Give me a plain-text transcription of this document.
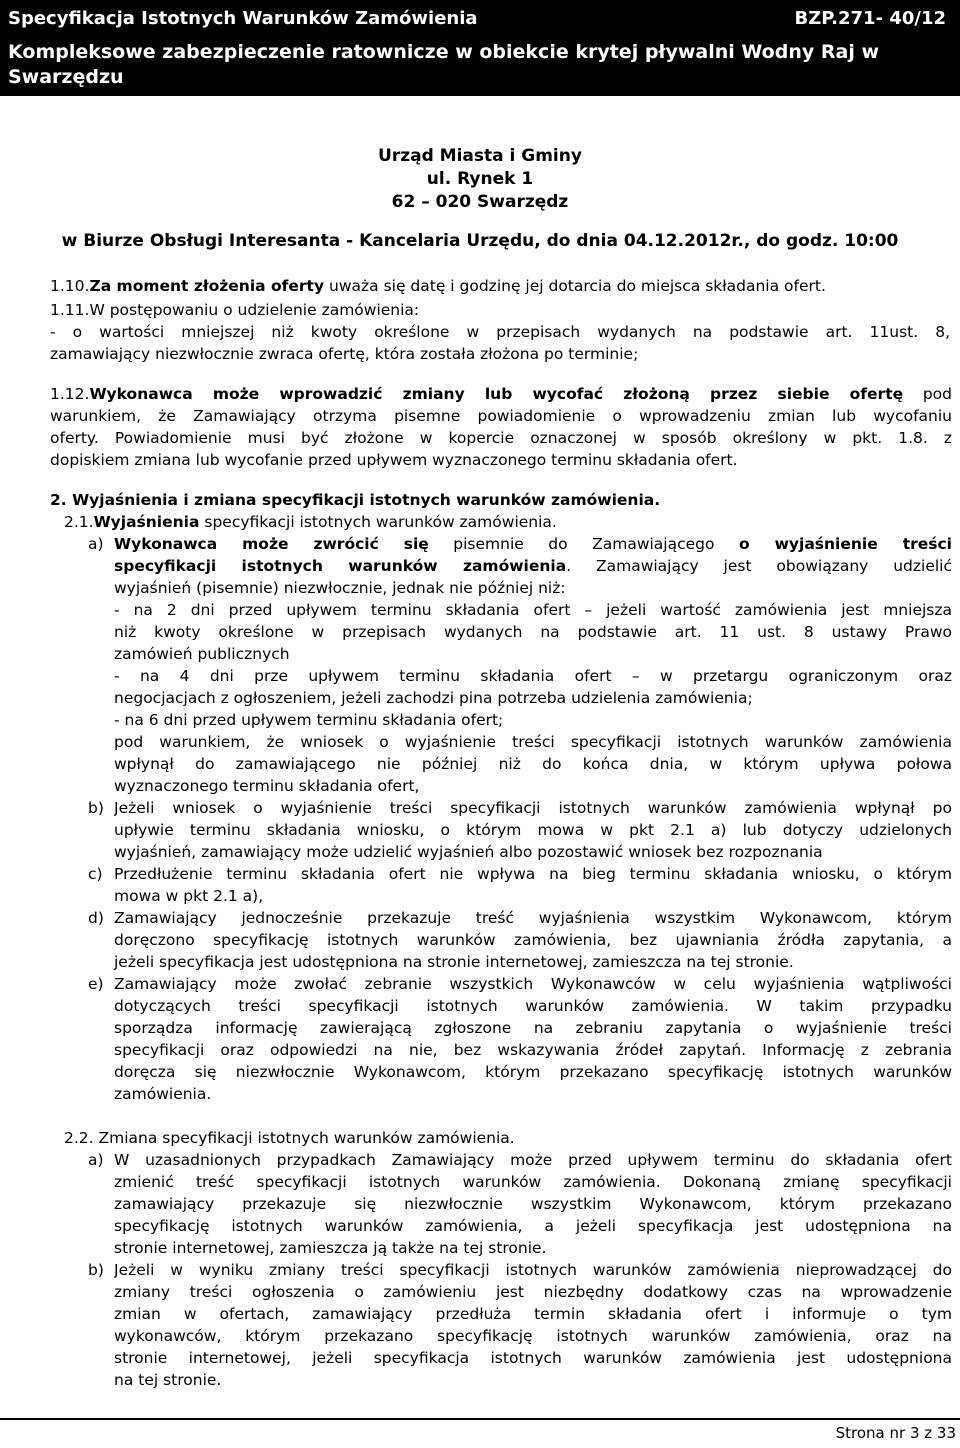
Specyfikacja Istotnych Warunków Zamówienia	BZP.271- 40/12
Kompleksowe zabezpieczenie ratownicze w obiekcie krytej pływalni Wodny Raj w Swarzędzu
Urząd Miasta i Gminy
ul. Rynek 1
62 – 020 Swarzędz
w Biurze Obsługi Interesanta - Kancelaria Urzędu, do dnia 04.12.2012r., do godz. 10:00
1.10.Za moment złożenia oferty uważa się datę i godzinę jej dotarcia do miejsca składania ofert.
1.11.W postępowaniu o udzielenie zamówienia:
- o wartości mniejszej niż kwoty określone w przepisach wydanych na podstawie art. 11ust. 8,
zamawiający niezwłocznie zwraca ofertę, która została złożona po terminie;
1.12.Wykonawca może wprowadzić zmiany lub wycofać złożoną przez siebie ofertę pod
warunkiem, że Zamawiający otrzyma pisemne powiadomienie o wprowadzeniu zmian lub wycofaniu
oferty. Powiadomienie musi być złożone w kopercie oznaczonej w sposób określony w pkt. 1.8. z
dopiskiem zmiana lub wycofanie przed upływem wyznaczonego terminu składania ofert.
2. Wyjaśnienia i zmiana specyfikacji istotnych warunków zamówienia.
2.1.Wyjaśnienia specyfikacji istotnych warunków zamówienia.
a) Wykonawca może zwrócić się pisemnie do Zamawiającego o wyjaśnienie treści
specyfikacji istotnych warunków zamówienia. Zamawiający jest obowiązany udzielić
wyjaśnień (pisemnie) niezwłocznie, jednak nie później niż:
- na 2 dni przed upływem terminu składania ofert – jeżeli wartość zamówienia jest mniejsza
niż kwoty określone w przepisach wydanych na podstawie art. 11 ust. 8 ustawy Prawo
zamówień publicznych
- na 4 dni prze upływem terminu składania ofert – w przetargu ograniczonym oraz
negocjacjach z ogłoszeniem, jeżeli zachodzi pina potrzeba udzielenia zamówienia;
- na 6 dni przed upływem terminu składania ofert;
pod warunkiem, że wniosek o wyjaśnienie treści specyfikacji istotnych warunków zamówienia
wpłynął do zamawiającego nie później niż do końca dnia, w którym upływa połowa
wyznaczonego terminu składania ofert,
b) Jeżeli wniosek o wyjaśnienie treści specyfikacji istotnych warunków zamówienia wpłynął po
upływie terminu składania wniosku, o którym mowa w pkt 2.1 a) lub dotyczy udzielonych
wyjaśnień, zamawiający może udzielić wyjaśnień albo pozostawić wniosek bez rozpoznania
c) Przedłużenie terminu składania ofert nie wpływa na bieg terminu składania wniosku, o którym
mowa w pkt 2.1 a),
d) Zamawiający jednocześnie przekazuje treść wyjaśnienia wszystkim Wykonawcom, którym
doręczono specyfikację istotnych warunków zamówienia, bez ujawniania źródła zapytania, a
jeżeli specyfikacja jest udostępniona na stronie internetowej, zamieszcza na tej stronie.
e) Zamawiający może zwołać zebranie wszystkich Wykonawców w celu wyjaśnienia wątpliwości
dotyczących treści specyfikacji istotnych warunków zamówienia. W takim przypadku
sporządza informację zawierającą zgłoszone na zebraniu zapytania o wyjaśnienie treści
specyfikacji oraz odpowiedzi na nie, bez wskazywania źródeł zapytań. Informację z zebrania
doręcza się niezwłocznie Wykonawcom, którym przekazano specyfikację istotnych warunków
zamówienia.
2.2. Zmiana specyfikacji istotnych warunków zamówienia.
a) W uzasadnionych przypadkach Zamawiający może przed upływem terminu do składania ofert
zmienić treść specyfikacji istotnych warunków zamówienia. Dokonaną zmianę specyfikacji
zamawiający przekazuje się niezwłocznie wszystkim Wykonawcom, którym przekazano
specyfikację istotnych warunków zamówienia, a jeżeli specyfikacja jest udostępniona na
stronie internetowej, zamieszcza ją także na tej stronie.
b) Jeżeli w wyniku zmiany treści specyfikacji istotnych warunków zamówienia nieprowadzącej do
zmiany treści ogłoszenia o zamówieniu jest niezbędny dodatkowy czas na wprowadzenie
zmian w ofertach, zamawiający przedłuża termin składania ofert i informuje o tym
wykonawców, którym przekazano specyfikację istotnych warunków zamówienia, oraz na
stronie internetowej, jeżeli specyfikacja istotnych warunków zamówienia jest udostępniona
na tej stronie.
Strona nr 3 z 33
